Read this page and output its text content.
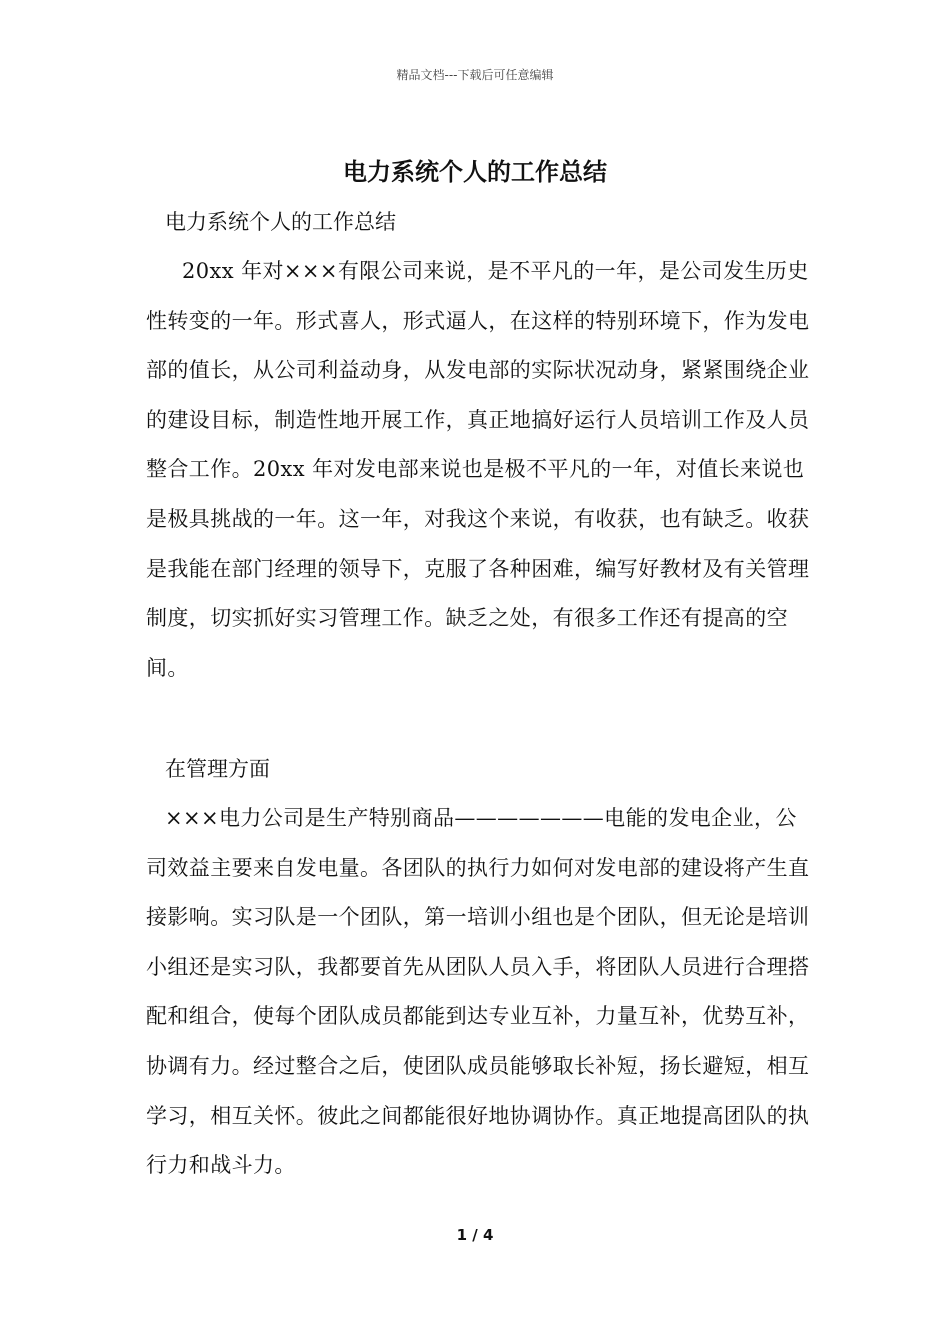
精品文档---下载后可任意编辑
电力系统个人的工作总结
电力系统个人的工作总结

20xx 年对×××有限公司来说，是不平凡的一年，是公司发生历史性转变的一年。形式喜人，形式逼人，在这样的特别环境下，作为发电部的值长，从公司利益动身，从发电部的实际状况动身，紧紧围绕企业的建设目标，制造性地开展工作，真正地搞好运行人员培训工作及人员整合工作。20xx 年对发电部来说也是极不平凡的一年，对值长来说也是极具挑战的一年。这一年，对我这个来说，有收获，也有缺乏。收获是我能在部门经理的领导下，克服了各种困难，编写好教材及有关管理制度，切实抓好实习管理工作。缺乏之处，有很多工作还有提高的空间。

在管理方面

×××电力公司是生产特别商品———————电能的发电企业，公司效益主要来自发电量。各团队的执行力如何对发电部的建设将产生直接影响。实习队是一个团队，第一培训小组也是个团队，但无论是培训小组还是实习队，我都要首先从团队人员入手，将团队人员进行合理搭配和组合，使每个团队成员都能到达专业互补，力量互补，优势互补，协调有力。经过整合之后，使团队成员能够取长补短，扬长避短，相互学习，相互关怀。彼此之间都能很好地协调协作。真正地提高团队的执行力和战斗力。

1 / 4
